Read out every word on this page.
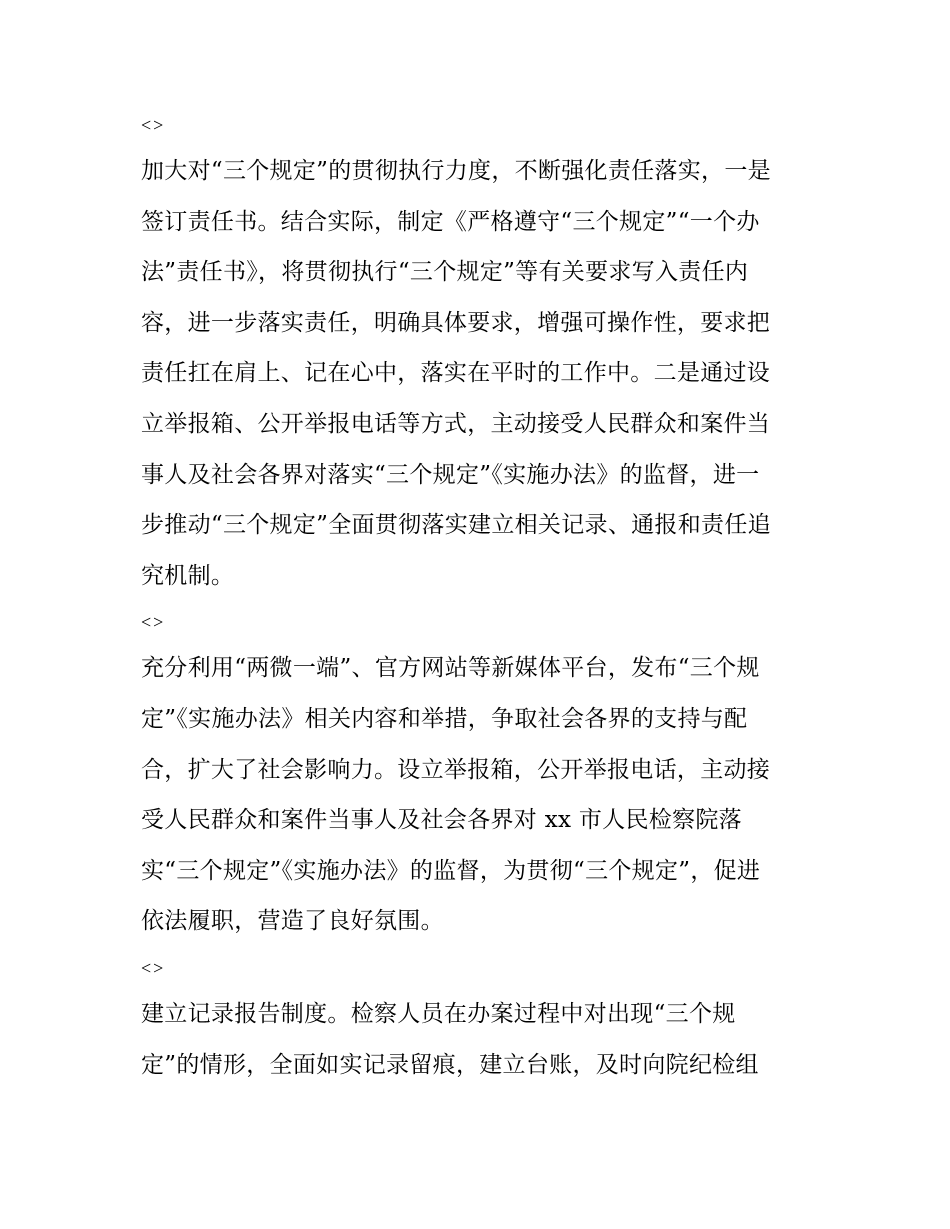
<>

加大对“三个规定”的贯彻执行力度，不断强化责任落实，一是

签订责任书。结合实际，制定《严格遵守“三个规定”“一个办

法”责任书》，将贯彻执行“三个规定”等有关要求写入责任内

容，进一步落实责任，明确具体要求，增强可操作性，要求把

责任扛在肩上、记在心中，落实在平时的工作中。二是通过设

立举报箱、公开举报电话等方式，主动接受人民群众和案件当

事人及社会各界对落实“三个规定”《实施办法》的监督，进一

步推动“三个规定”全面贯彻落实建立相关记录、通报和责任追

究机制。

<>

充分利用“两微一端”、官方网站等新媒体平台，发布“三个规

定”《实施办法》相关内容和举措，争取社会各界的支持与配

合，扩大了社会影响力。设立举报箱，公开举报电话，主动接

受人民群众和案件当事人及社会各界对 xx 市人民检察院落

实“三个规定”《实施办法》的监督，为贯彻“三个规定”，促进

依法履职，营造了良好氛围。

<>

建立记录报告制度。检察人员在办案过程中对出现“三个规

定”的情形，全面如实记录留痕，建立台账，及时向院纪检组
